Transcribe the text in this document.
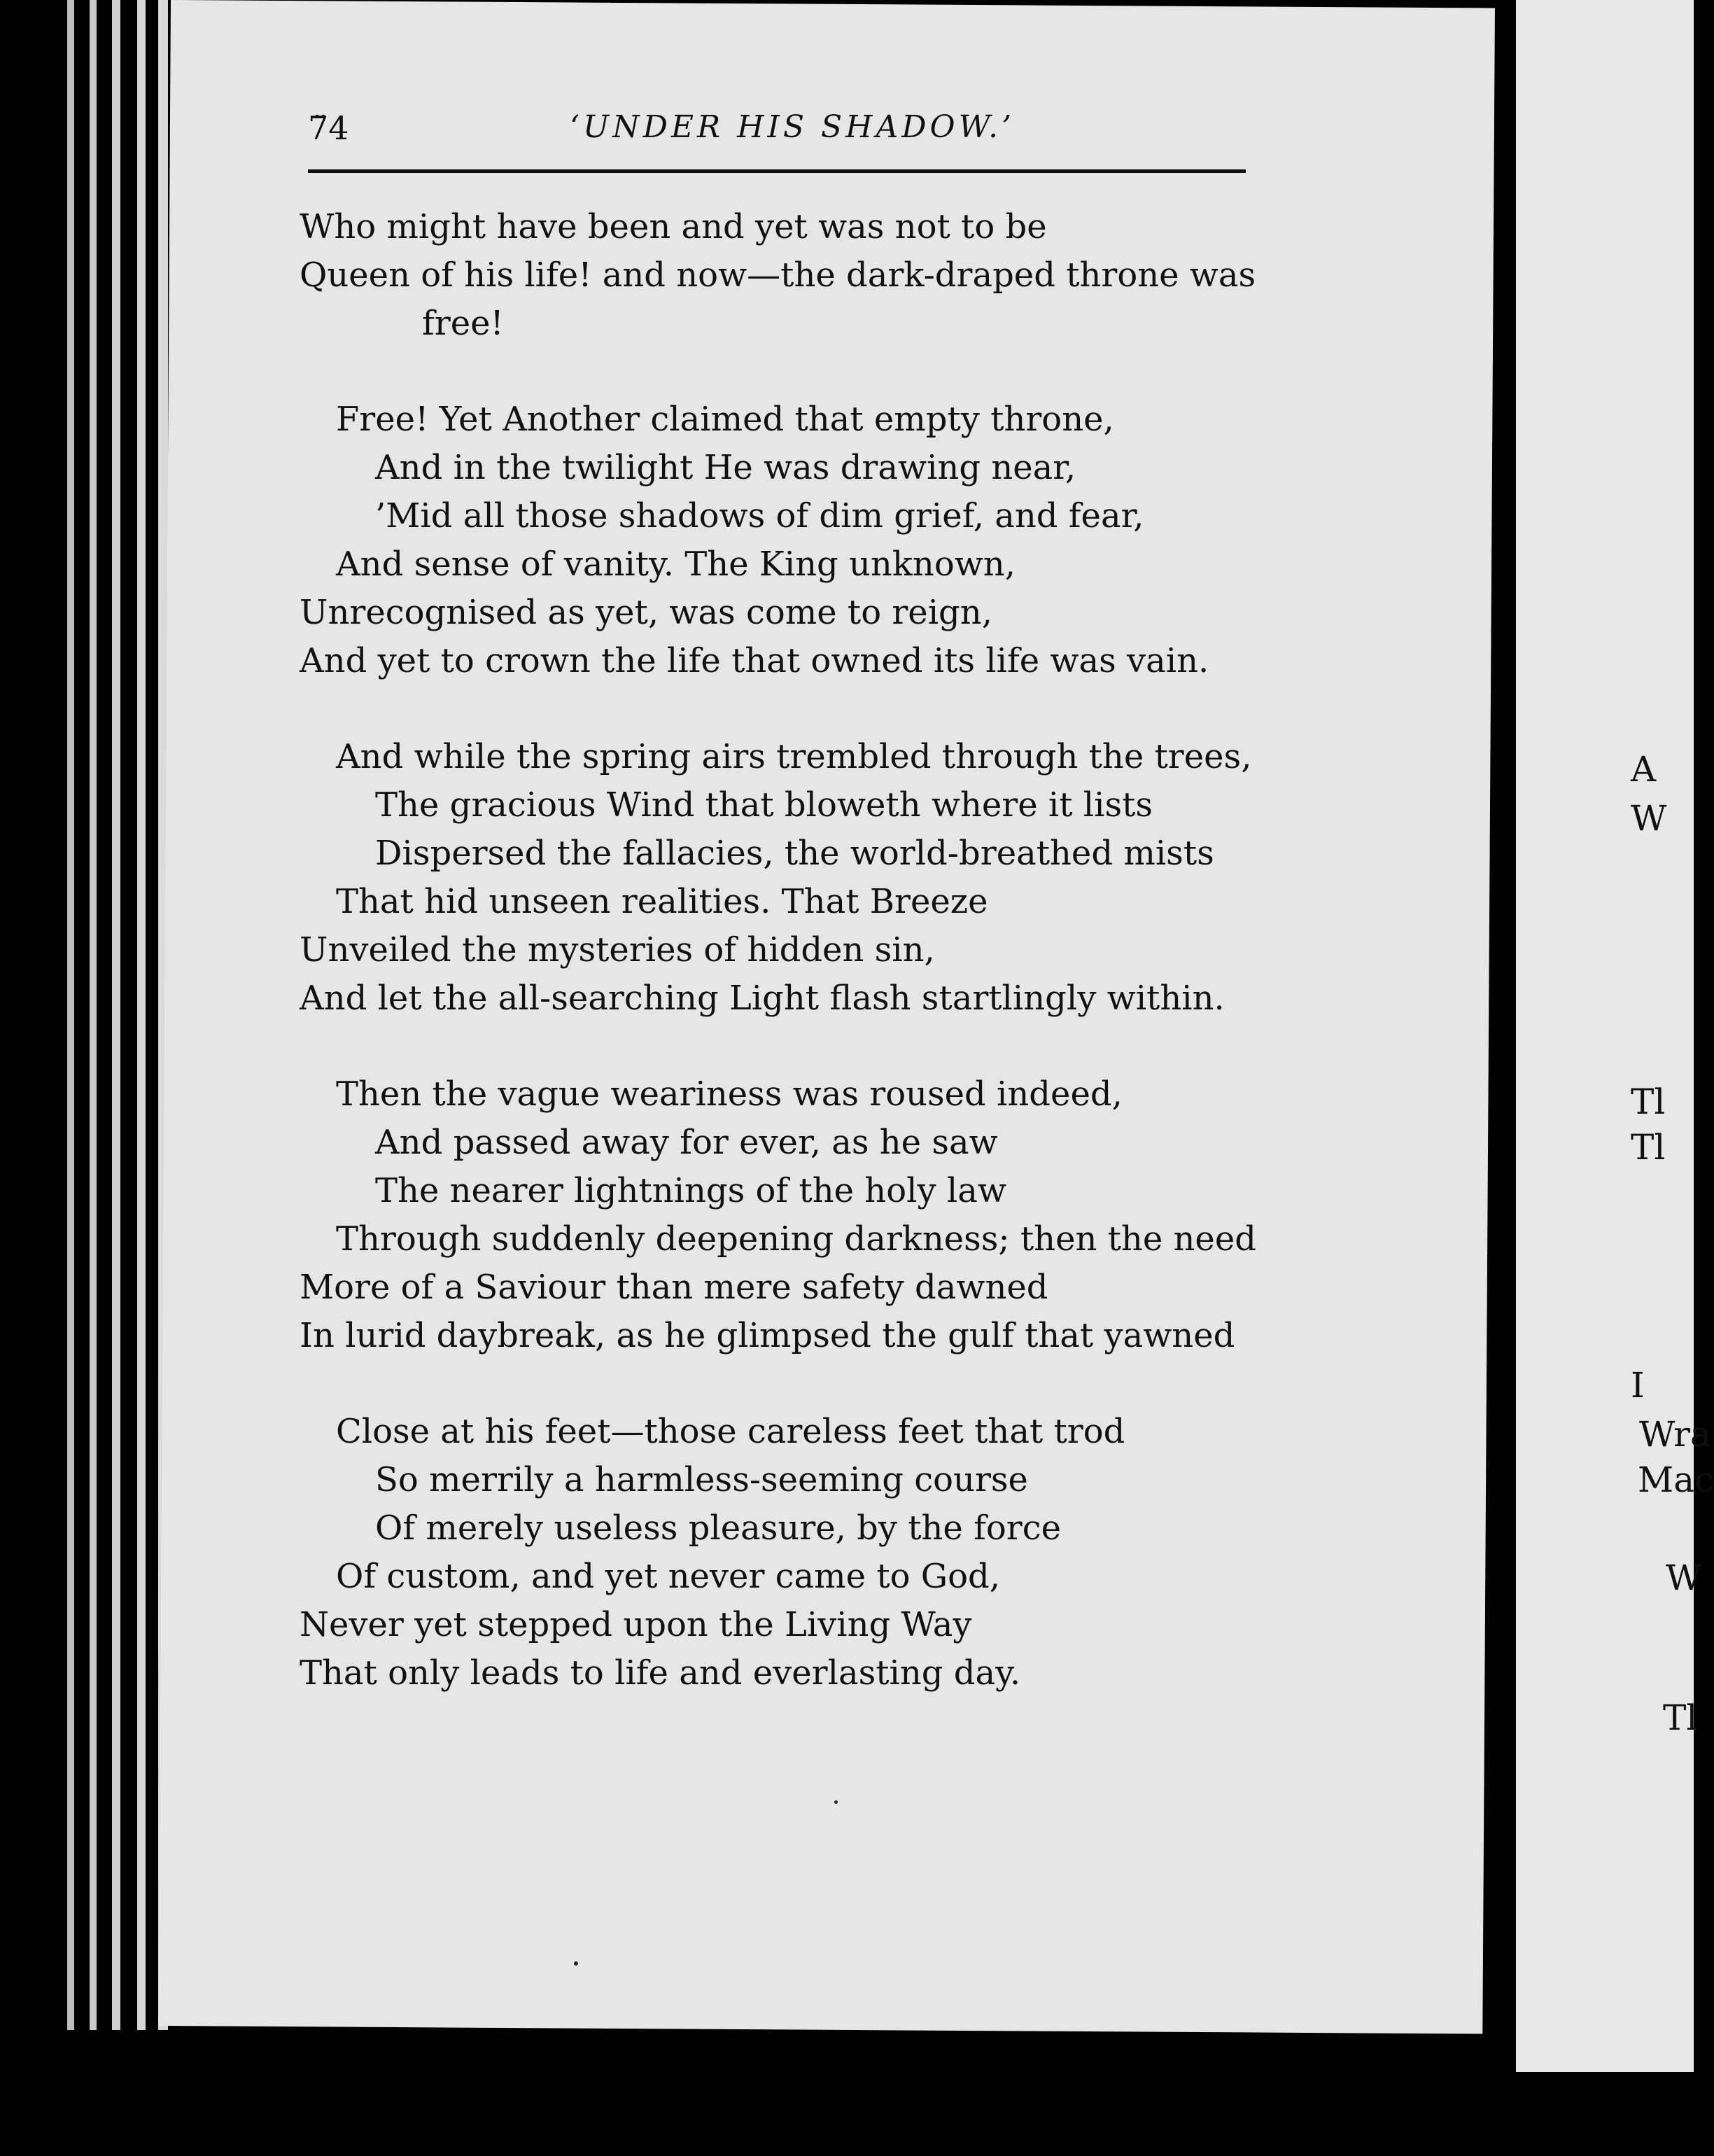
A
W
Tl
Tl
I
Wra
Mac
W
Tl
7̈4	‘UNDER HIS SHADOW.’
Who might have been and yet was not to be
Queen of his life! and now—the dark-draped throne was
free!
Free! Yet Another claimed that empty throne,
And in the twilight He was drawing near,
’Mid all those shadows of dim grief, and fear,
And sense of vanity. The King unknown,
Unrecognised as yet, was come to reign,
And yet to crown the life that owned its life was vain.
And while the spring airs trembled through the trees,
The gracious Wind that bloweth where it lists
Dispersed the fallacies, the world-breathed mists
That hid unseen realities. That Breeze
Unveiled the mysteries of hidden sin,
And let the all-searching Light flash startlingly within.
Then the vague weariness was roused indeed,
And passed away for ever, as he saw
The nearer lightnings of the holy law
Through suddenly deepening darkness; then the need
More of a Saviour than mere safety dawned
In lurid daybreak, as he glimpsed the gulf that yawned
Close at his feet—those careless feet that trod
So merrily a harmless-seeming course
Of merely useless pleasure, by the force
Of custom, and yet never came to God,
Never yet stepped upon the Living Way
That only leads to life and everlasting day.
